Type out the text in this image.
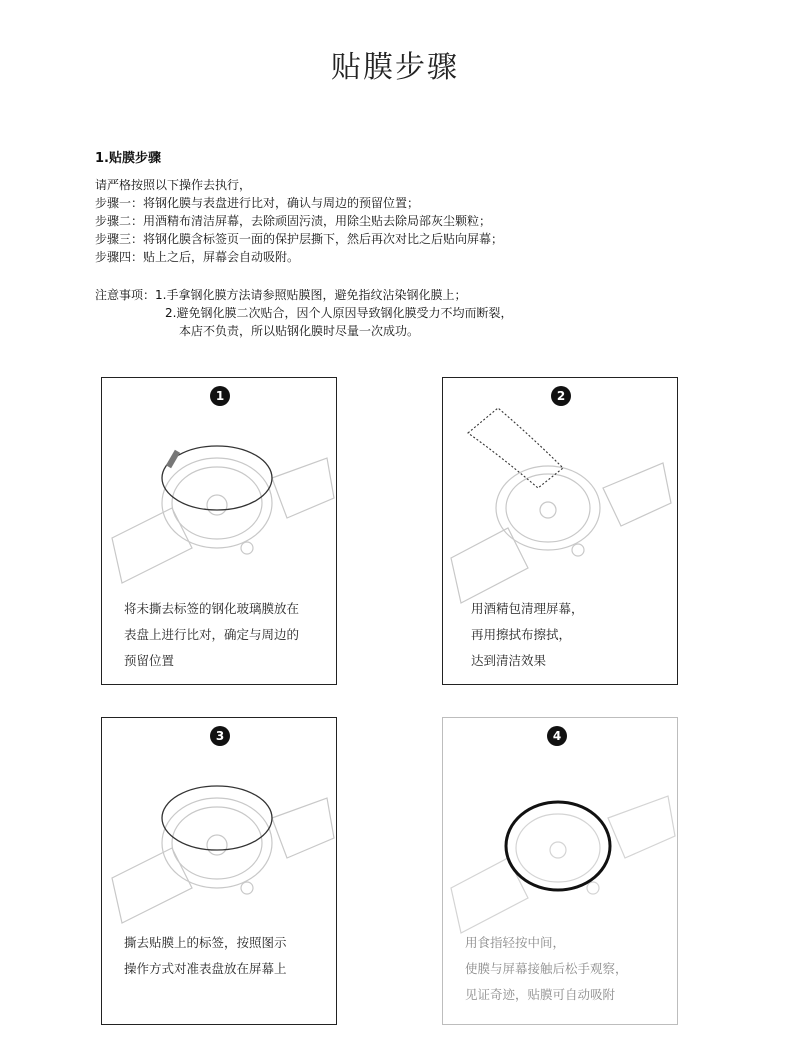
贴膜步骤
1.贴膜步骤
请严格按照以下操作去执行，
步骤一：将钢化膜与表盘进行比对，确认与周边的预留位置；
步骤二：用酒精布清洁屏幕，去除顽固污渍，用除尘贴去除局部灰尘颗粒；
步骤三：将钢化膜含标签页一面的保护层撕下，然后再次对比之后贴向屏幕；
步骤四：贴上之后，屏幕会自动吸附。
注意事项：1.手拿钢化膜方法请参照贴膜图，避免指纹沾染钢化膜上；
2.避免钢化膜二次贴合，因个人原因导致钢化膜受力不均而断裂，
本店不负责，所以贴钢化膜时尽量一次成功。
1
将未撕去标签的钢化玻璃膜放在
表盘上进行比对，确定与周边的
预留位置
2
用酒精包清理屏幕，
再用擦拭布擦拭，
达到清洁效果
3
撕去贴膜上的标签，按照图示
操作方式对准表盘放在屏幕上
4
用食指轻按中间，
使膜与屏幕接触后松手观察，
见证奇迹，贴膜可自动吸附
